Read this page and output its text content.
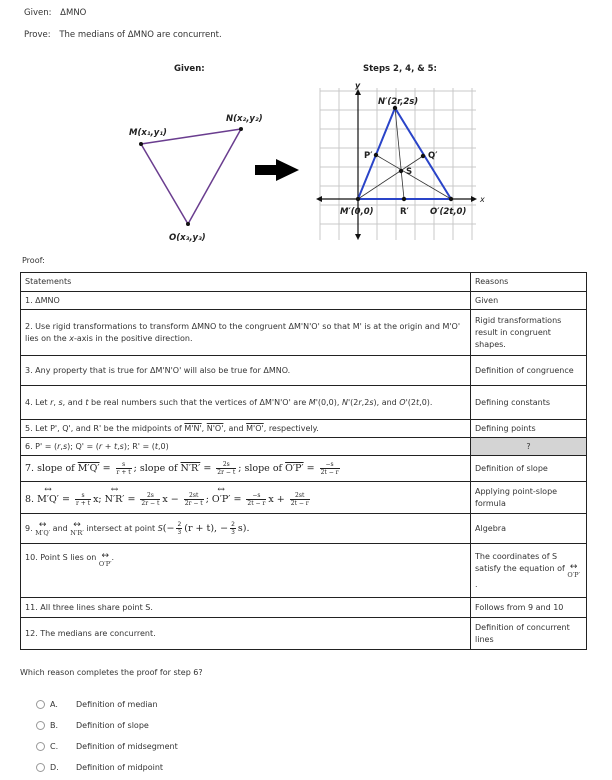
Given: ΔMNO
Prove: The medians of ΔMNO are concurrent.
Given:
M(x₁,y₁)
N(x₂,y₂)
O(x₃,y₃)
Steps 2, 4, & 5:
x
y
N′(2r,2s)
M′(0,0)	O′(2t,0)
P′	Q′
R′
S
Proof:
Statements	Reasons
1. ΔMNO	Given
2. Use rigid transformations to transform ΔMNO to the congruent ΔM'N'O' so that M' is at the origin and M'O' lies on the x-axis in the positive direction.	Rigid transformations result in congruent shapes.
3. Any property that is true for ΔM'N'O' will also be true for ΔMNO.	Definition of congruence
4. Let r, s, and t be real numbers such that the vertices of ΔM'N'O' are M'(0,0), N'(2r,2s), and O'(2t,0).	Defining constants
5. Let P', Q', and R' be the midpoints of M'N', N'O', and M'O', respectively.	Defining points
6. P' = (r,s); Q' = (r + t,s); R' = (t,0)	?
7. slope of $M'Q' = \frac{s}{r + t}$ ; slope of $N'R' = \frac{2s}{2r - t}$ ; slope of $O'P' = \frac{-s}{2t - r}$	Definition of slope
8. ↔ $M'Q' = \frac{s}{r + t} x$; ↔ $N'R' = \frac{2s}{2r - t}$ $x - \frac{2st}{2r - t}$ ; ↔ $O'P' = \frac{-s}{2t - r}$ $x + \frac{2st}{2t - r}$
	Applying point-slope formula
9. ↔
M′Q′ and ↔
N′R′ intersect at point $S(- \frac{2}{3} (r + t)$, − $\frac{2}{3} s$).	Algebra
10. Point S lies on ↔
O′P′.	The coordinates of S satisfy the equation of ↔
O′P′.
11. All three lines share point S.	Follows from 9 and 10
12. The medians are concurrent.	Definition of concurrent lines
Which reason completes the proof for step 6?
A.	Definition of median
B.	Definition of slope
C.	Definition of midsegment
D.	Definition of midpoint
